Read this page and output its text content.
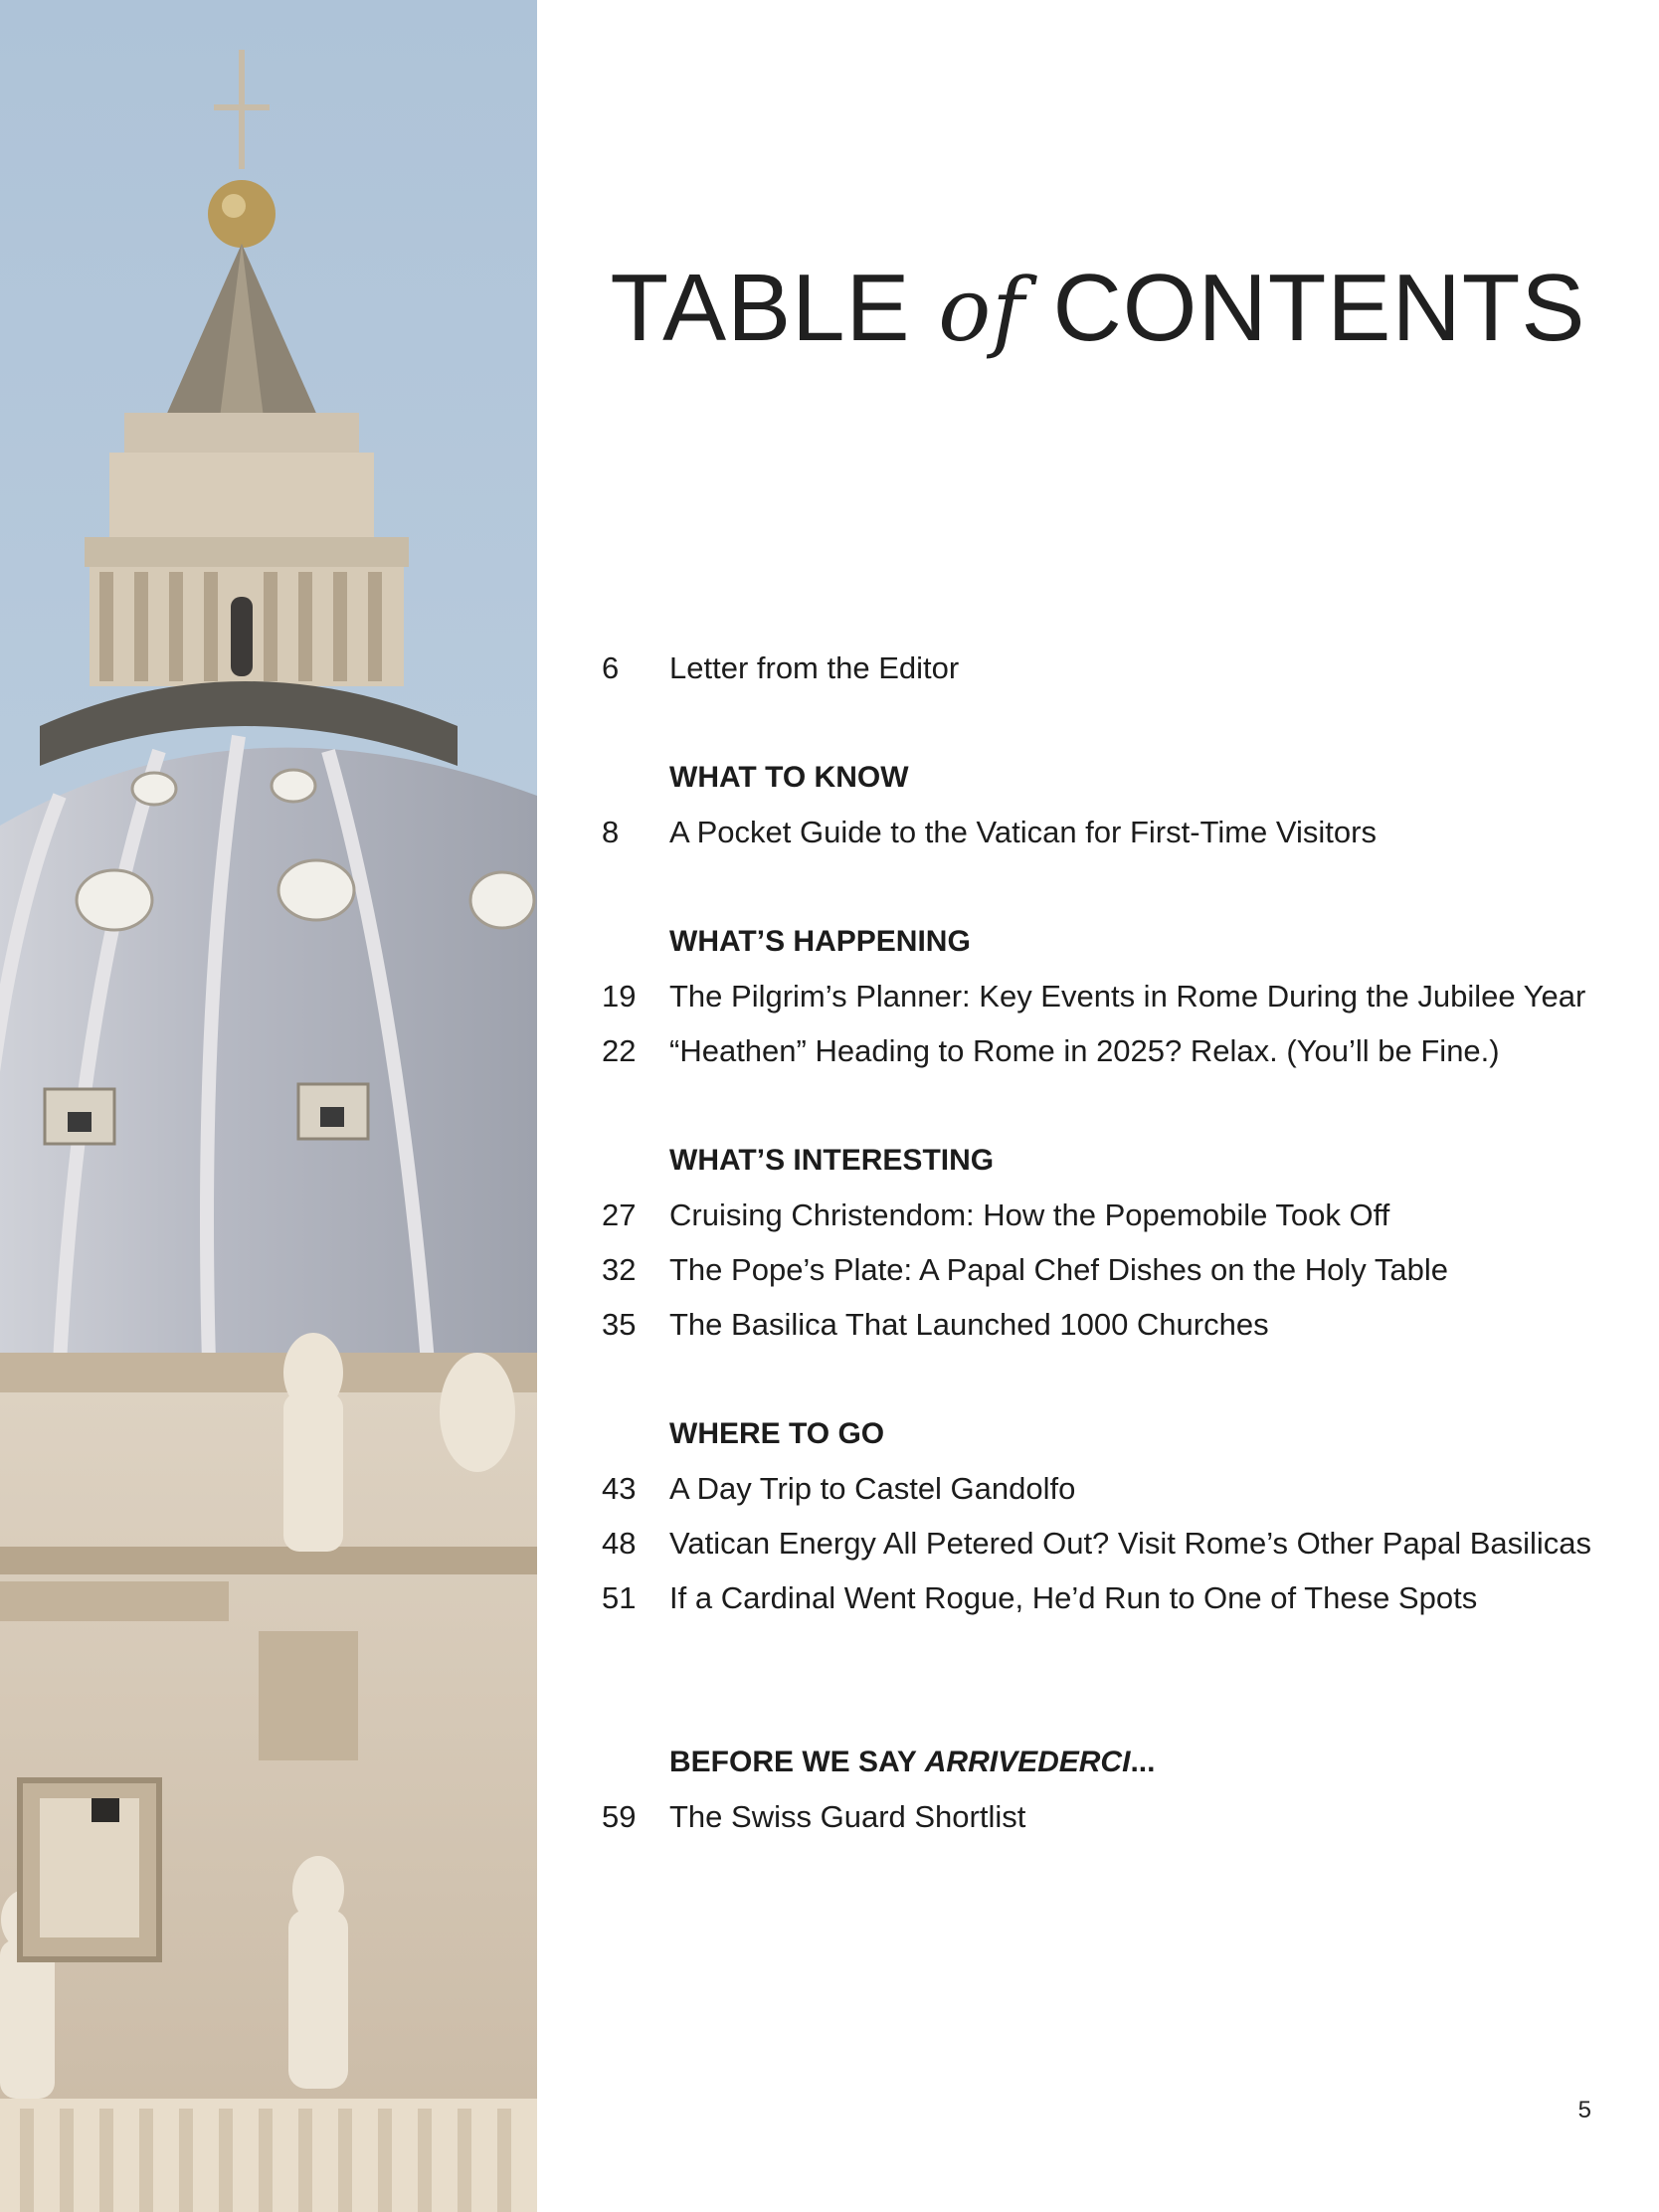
TABLE of CONTENTS
6	Letter from the Editor
WHAT TO KNOW
8	A Pocket Guide to the Vatican for First-Time Visitors
WHAT’S HAPPENING
19	The Pilgrim’s Planner: Key Events in Rome During the Jubilee Year
22	“Heathen” Heading to Rome in 2025? Relax. (You’ll be Fine.)
WHAT’S INTERESTING
27	Cruising Christendom: How the Popemobile Took Off
32	The Pope’s Plate: A Papal Chef Dishes on the Holy Table
35	The Basilica That Launched 1000 Churches
WHERE TO GO
43	A Day Trip to Castel Gandolfo
48	Vatican Energy All Petered Out? Visit Rome’s Other Papal Basilicas
51	If a Cardinal Went Rogue, He’d Run to One of These Spots
BEFORE WE SAY ARRIVEDERCI...
59	The Swiss Guard Shortlist
5
